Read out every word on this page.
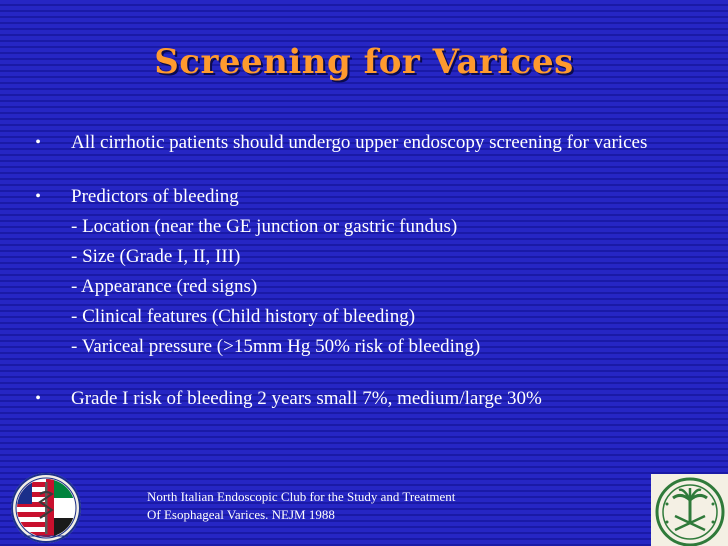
Screening for Varices
•	All cirrhotic patients should undergo upper endoscopy screening for varices
•	Predictors of bleeding
- Location (near the GE junction or gastric fundus)
- Size (Grade I, II, III)
- Appearance (red signs)
- Clinical features (Child history of bleeding)
- Variceal pressure (>15mm Hg 50% risk of bleeding)
•	Grade I risk of bleeding 2 years small 7%, medium/large 30%
North Italian Endoscopic Club for the Study and Treatment
Of Esophageal Varices. NEJM 1988
